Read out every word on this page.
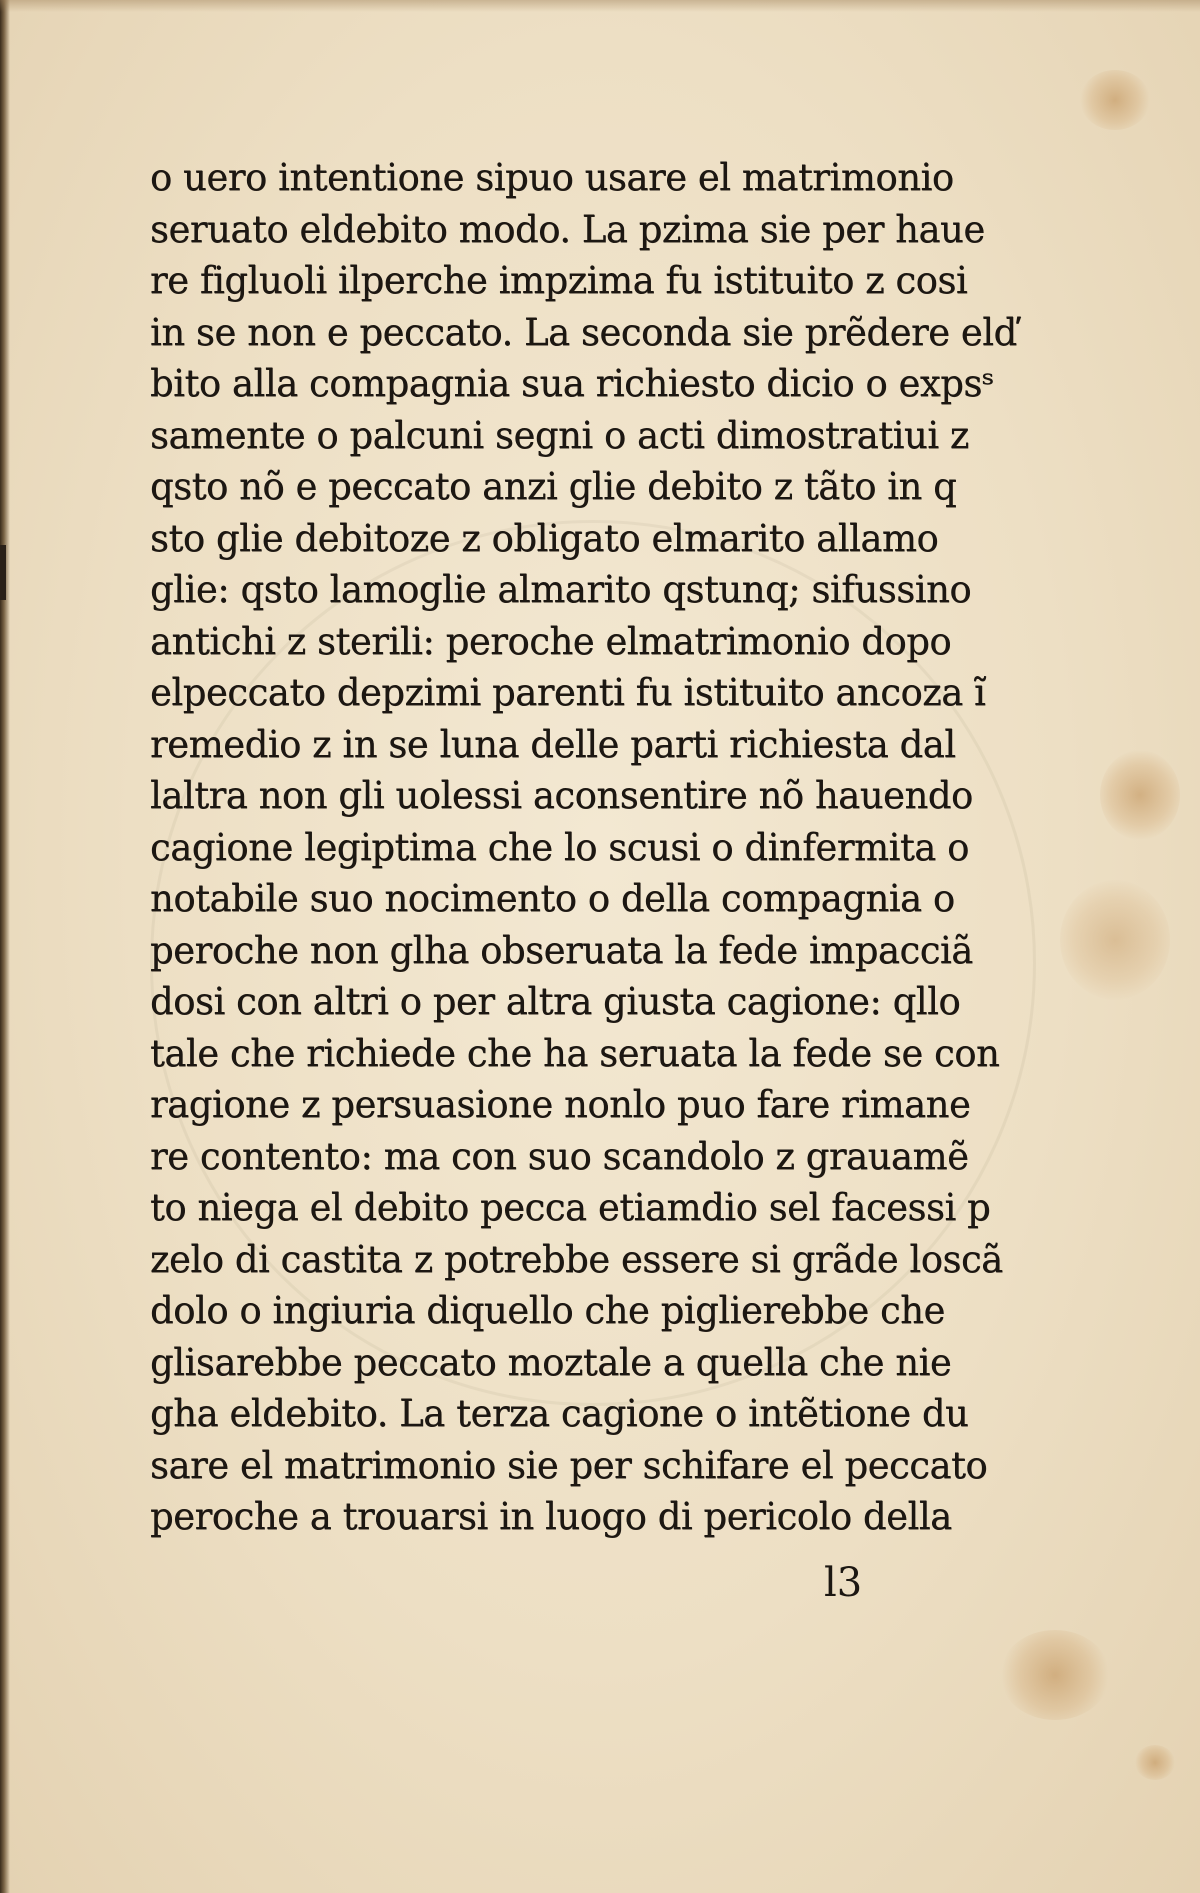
o uero intentione sipuo usare el matrimonio
seruato eldebito modo. La pzima sie per haue
re figluoli ilperche impzima fu istituito z cosi
in se non e peccato. La seconda sie prẽdere elď
bito alla compagnia sua richiesto dicio o expsˢ
samente o palcuni segni o acti dimostratiui z
qsto nõ e peccato anzi glie debito z tãto in q
sto glie debitoze z obligato elmarito allamo
glie: qsto lamoglie almarito qstunq; sifussino
antichi z sterili: peroche elmatrimonio dopo
elpeccato depzimi parenti fu istituito ancoza ĩ
remedio z in se luna delle parti richiesta dal
laltra non gli uolessi aconsentire nõ hauendo
cagione legiptima che lo scusi o dinfermita o
notabile suo nocimento o della compagnia o
peroche non glha obseruata la fede impacciã
dosi con altri o per altra giusta cagione: qllo
tale che richiede che ha seruata la fede se con
ragione z persuasione nonlo puo fare rimane
re contento: ma con suo scandolo z grauamẽ
to niega el debito pecca etiamdio sel facessi p
zelo di castita z potrebbe essere si grãde loscã
dolo o ingiuria diquello che piglierebbe che
glisarebbe peccato moztale a quella che nie
gha eldebito. La terza cagione o intẽtione du
sare el matrimonio sie per schifare el peccato
peroche a trouarsi in luogo di pericolo della
l3
